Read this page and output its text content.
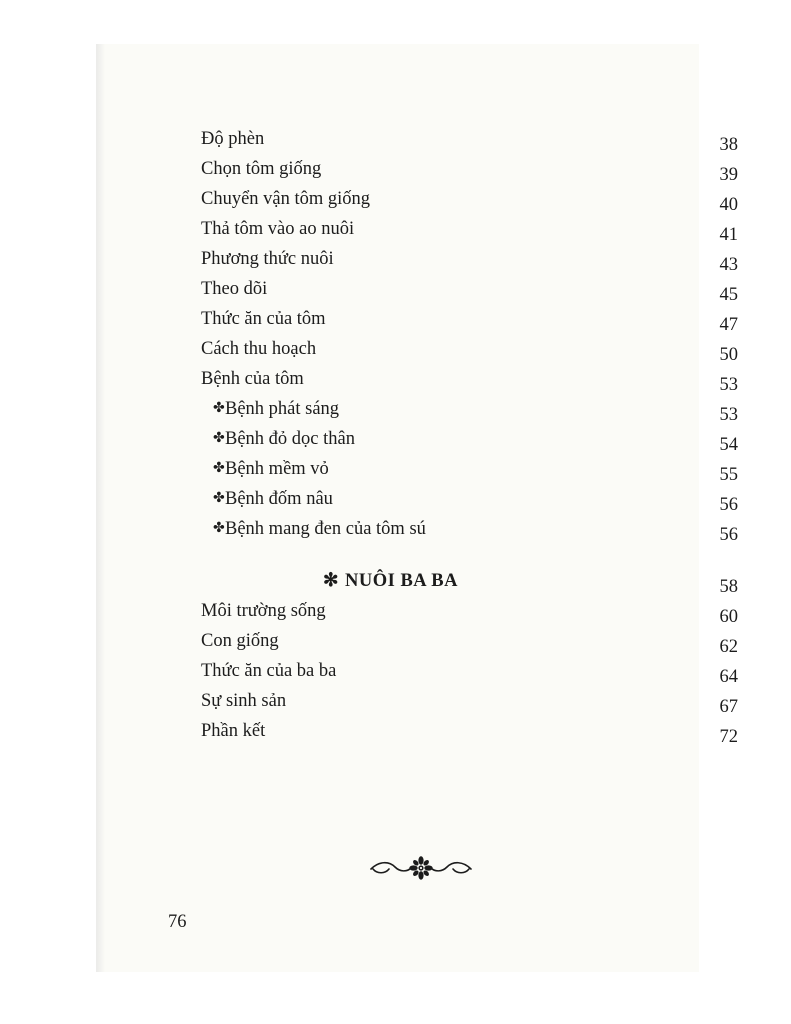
Độ phèn	38
Chọn tôm giống	39
Chuyển vận tôm giống	40
Thả tôm vào ao nuôi	41
Phương thức nuôi	43
Theo dõi	45
Thức ăn của tôm	47
Cách thu hoạch	50
Bệnh của tôm	53
✤ Bệnh phát sáng	53
✤ Bệnh đỏ dọc thân	54
✤ Bệnh mềm vỏ	55
✤ Bệnh đốm nâu	56
✤ Bệnh mang đen của tôm sú	56
✻ NUÔI BA BA	58
Môi trường sống	60
Con giống	62
Thức ăn của ba ba	64
Sự sinh sản	67
Phần kết	72
76
